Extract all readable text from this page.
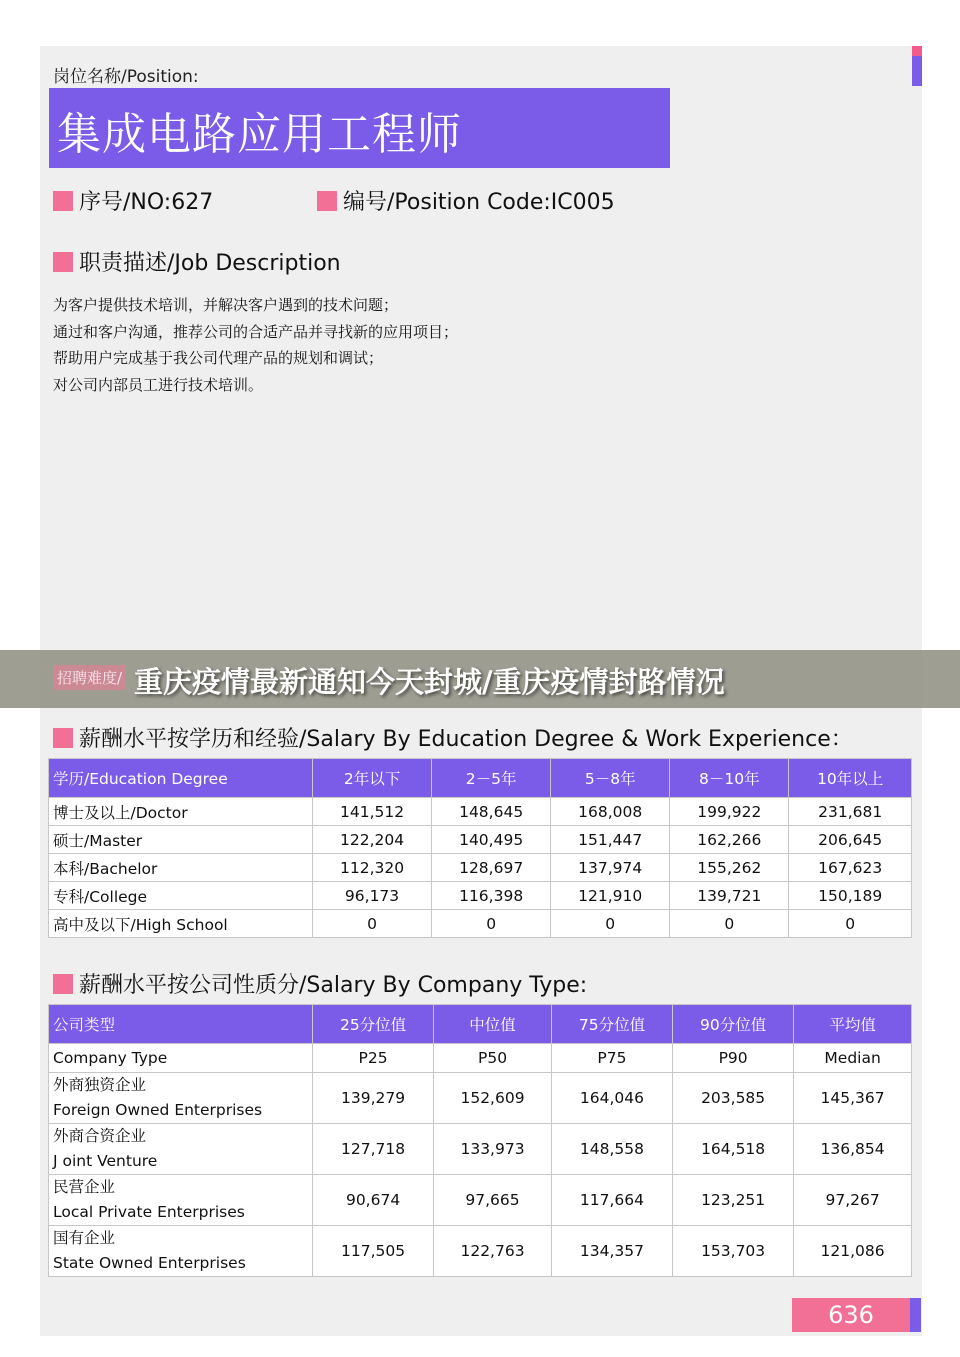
岗位名称/Position:
集成电路应用工程师
序号/NO:627	编号/Position Code:IC005
职责描述/Job Description
为客户提供技术培训，并解决客户遇到的技术问题；
通过和客户沟通，推荐公司的合适产品并寻找新的应用项目；
帮助用户完成基于我公司代理产品的规划和调试；
对公司内部员工进行技术培训。
招聘难度/ 重庆疫情最新通知今天封城/重庆疫情封路情况
薪酬水平按学历和经验/Salary By Education Degree & Work Experience：
学历/Education Degree	2年以下	2－5年	5－8年	8－10年	10年以上
博士及以上/Doctor	141,512	148,645	168,008	199,922	231,681
硕士/Master	122,204	140,495	151,447	162,266	206,645
本科/Bachelor	112,320	128,697	137,974	155,262	167,623
专科/College	96,173	116,398	121,910	139,721	150,189
高中及以下/High School	0	0	0	0	0
薪酬水平按公司性质分/Salary By Company Type:
公司类型	25分位值	中位值	75分位值	90分位值	平均值
Company Type	P25	P50	P75	P90	Median

外商独资企业
Foreign Owned Enterprises	139,279	152,609	164,046	203,585	145,367

外商合资企业
J oint Venture	127,718	133,973	148,558	164,518	136,854

民营企业
Local Private Enterprises	90,674	97,665	117,664	123,251	97,267

国有企业
State Owned Enterprises	117,505	122,763	134,357	153,703	121,086
636
